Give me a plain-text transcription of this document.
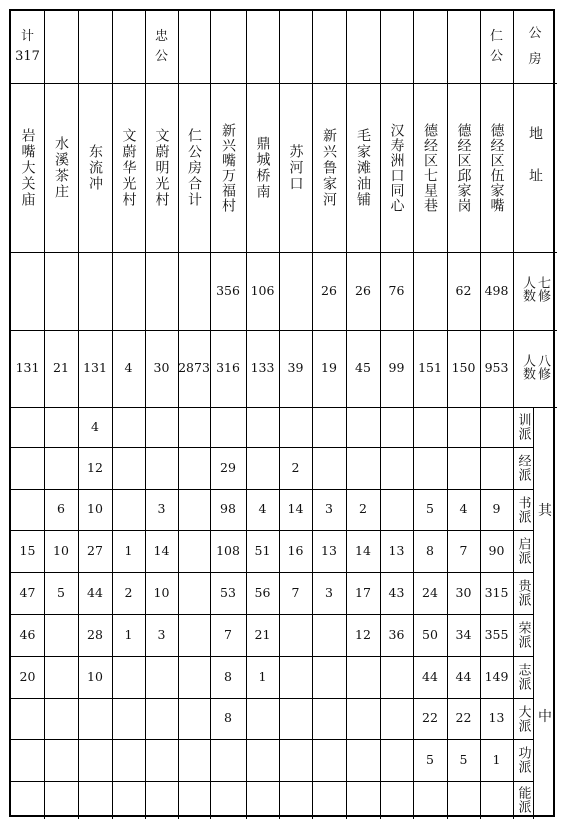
仁
公
德经区伍家嘴
498
953
9
90
315
355
149
13
1
德经区邱家岗
62
150
4
7
30
34
44
22
5
德经区七星巷
151
5
8
24
50
44
22
5
汉寿洲口同心
76
99
13
43
36
毛家滩油铺
26
45
2
14
17
12
新兴鲁家河
26
19
3
13
3
苏河口
39
2
14
16
7
鼎城桥南
106
133
4
51
56
21
1
新兴嘴万福村
356
316
29
98
108
53
7
8
8
仁公房合计
2873
忠
公
文蔚明光村
30
3
14
10
3
文蔚华光村
4
1
2
1
东流冲
131
4
12
10
27
44
28
10
水溪茶庄
21
6
10
5
计
317
岩嘴大关庙
131
15
47
46
20
公
房
地址
七修人数
八修人数
训派
经派
书派
启派
贵派
荣派
志派
大派
功派
能派
其
中
